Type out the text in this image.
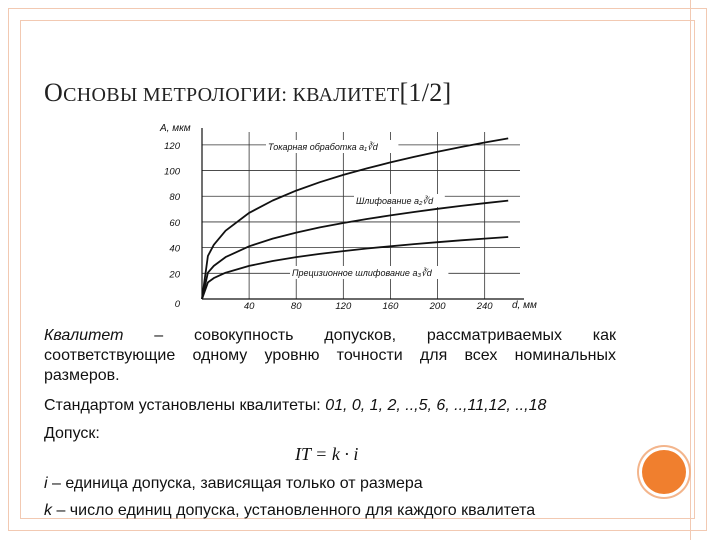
ОСНОВЫ МЕТРОЛОГИИ: КВАЛИТЕТ[1/2]
0
20
40
60
80
100
120
40	80	120	160	200	240
Токарная обработка a₁∛d
Шлифование a₂∛d
Прецизионное шлифование a₃∛d
A, мкм
d, мм
Квалитет – совокупность допусков, рассматриваемых как соответствующие одному уровню точности для всех номинальных размеров.
Стандартом установлены квалитеты: 01, 0, 1, 2, ..,5, 6, ..,11,12, ..,18
Допуск:
IT = k · i
i – единица допуска, зависящая только от размера
k – число единиц допуска, установленного для каждого квалитета
